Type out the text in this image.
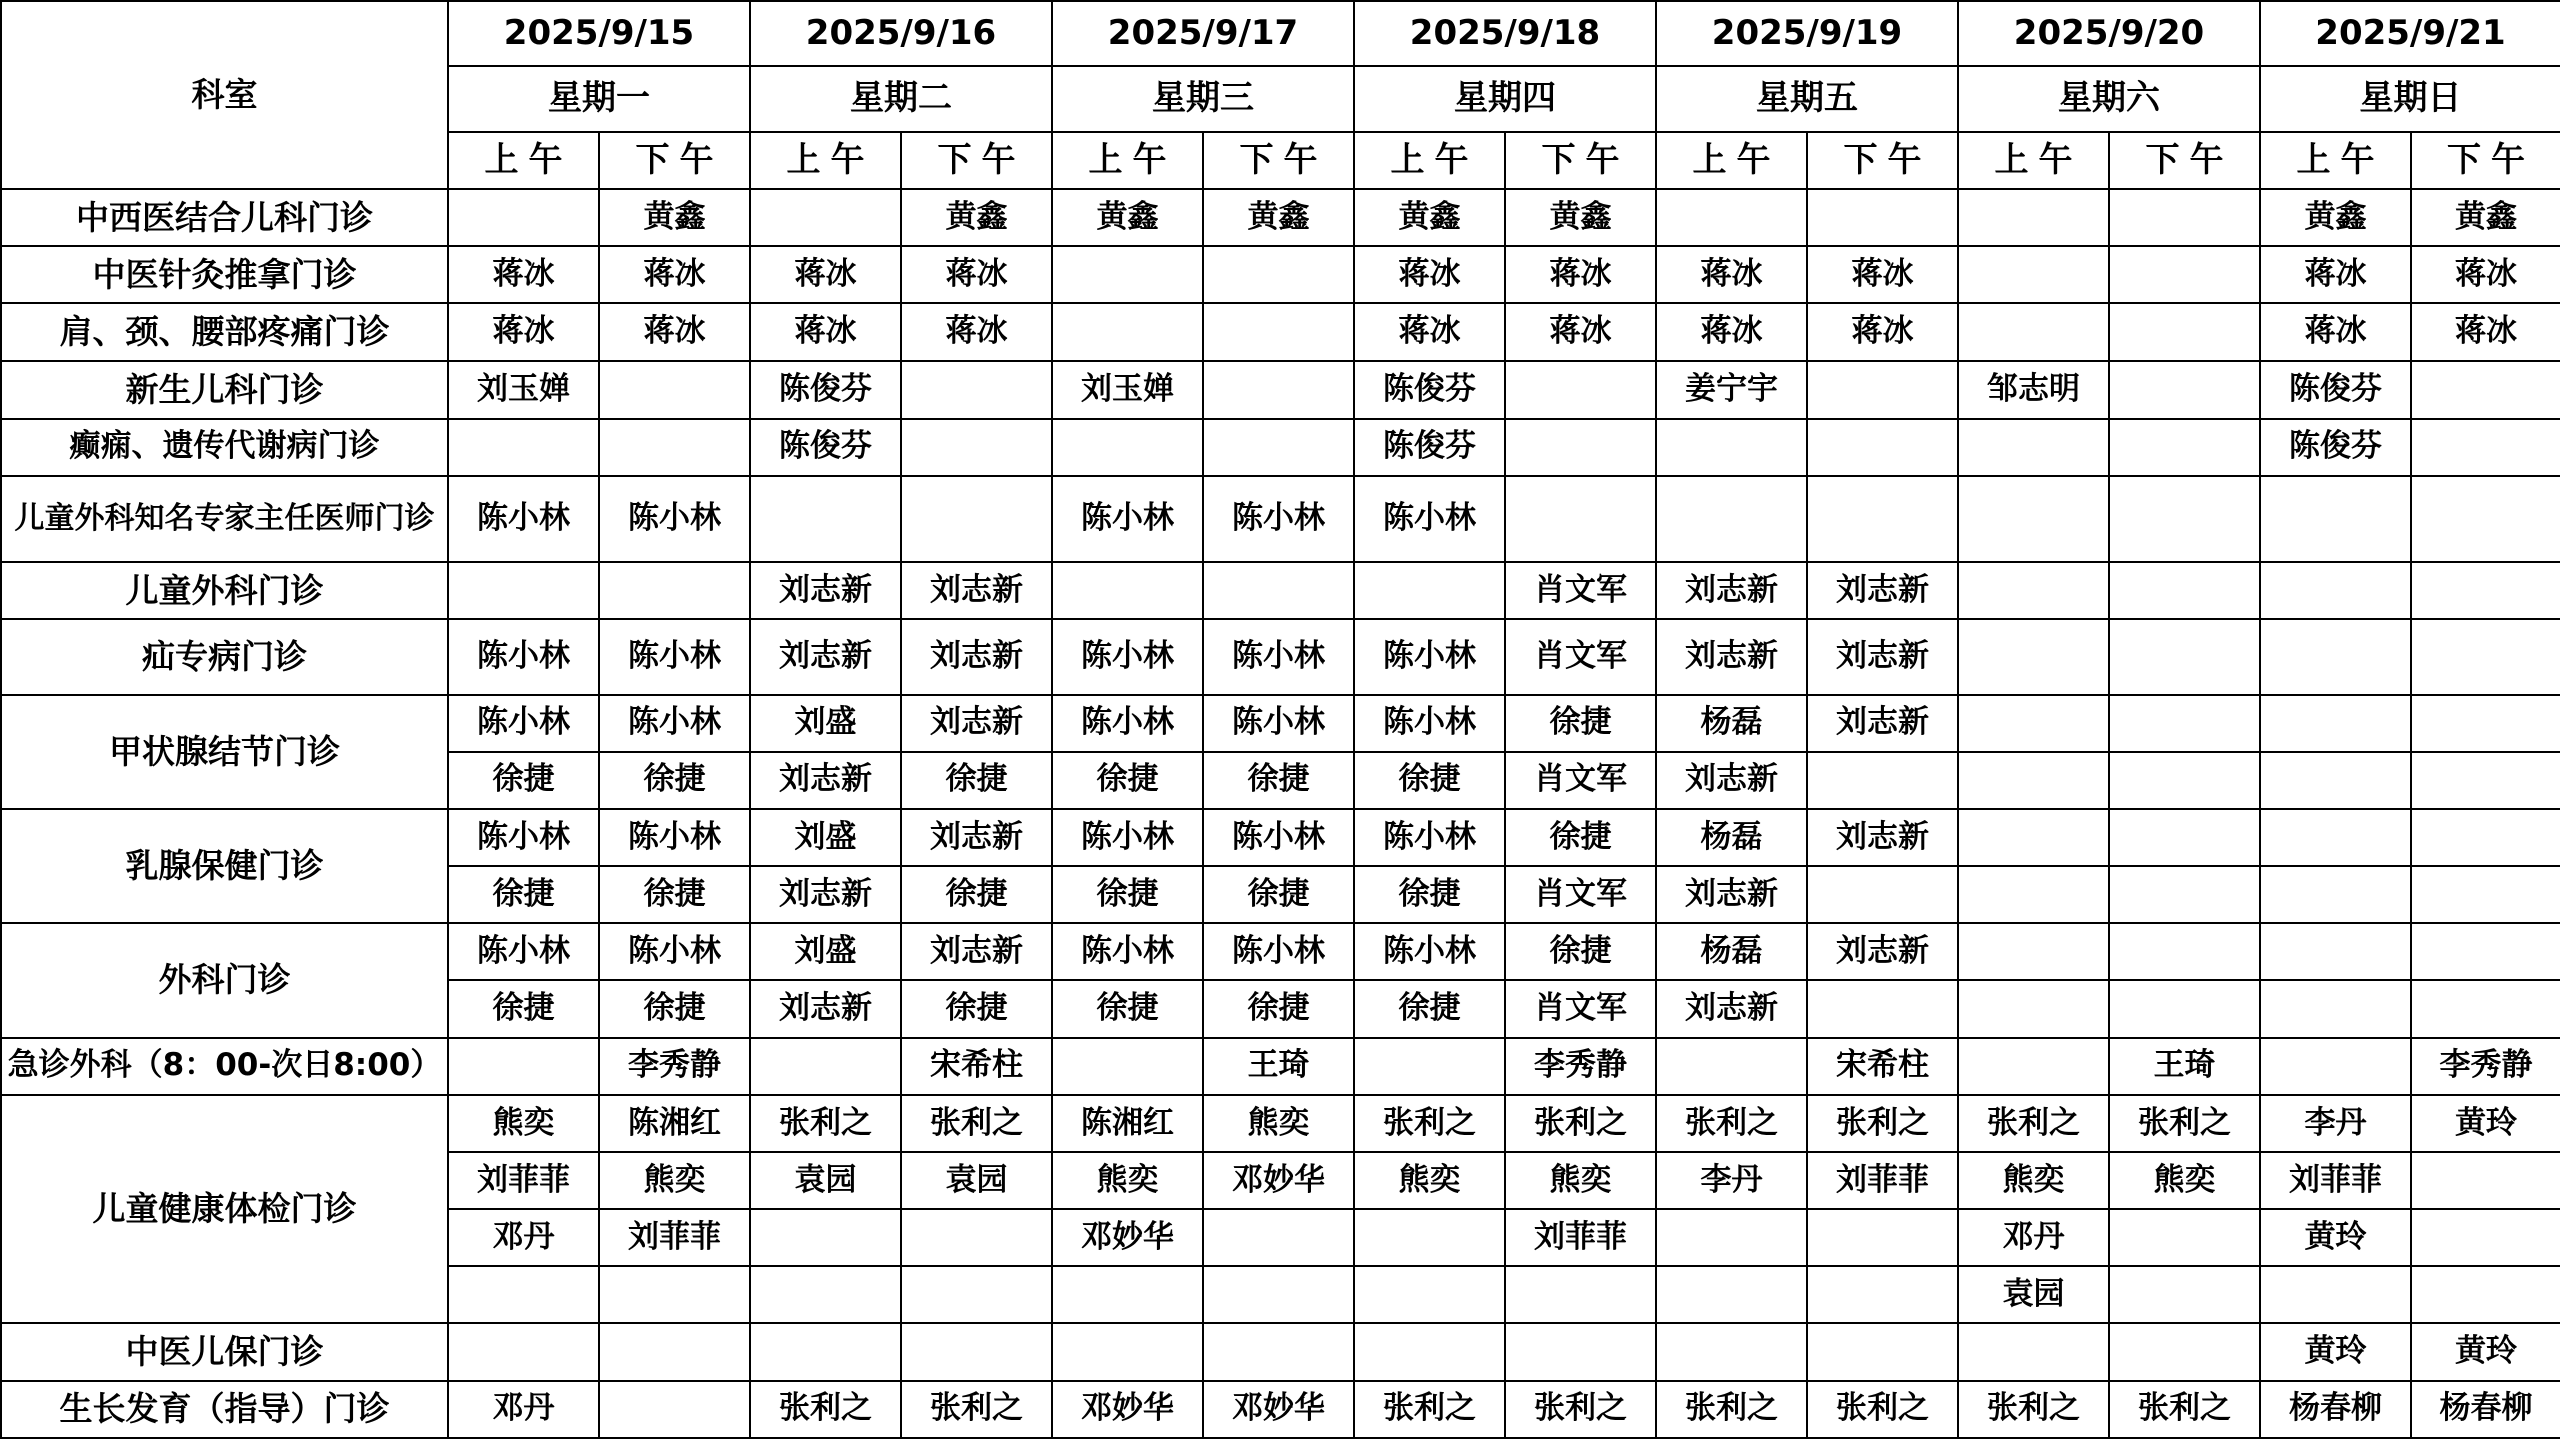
科室	2025/9/15		2025/9/16		2025/9/17		2025/9/18		2025/9/19		2025/9/20		2025/9/21	
	星期一		星期二		星期三		星期四		星期五		星期六		星期日	
	上午	下午	上午	下午	上午	下午	上午	下午	上午	下午	上午	下午	上午	下午
中西医结合儿科门诊		黄鑫		黄鑫	黄鑫	黄鑫	黄鑫	黄鑫					黄鑫	黄鑫
中医针灸推拿门诊	蒋冰	蒋冰	蒋冰	蒋冰			蒋冰	蒋冰	蒋冰	蒋冰			蒋冰	蒋冰
肩、颈、腰部疼痛门诊	蒋冰	蒋冰	蒋冰	蒋冰			蒋冰	蒋冰	蒋冰	蒋冰			蒋冰	蒋冰
新生儿科门诊	刘玉婵		陈俊芬		刘玉婵		陈俊芬		姜宁宇		邹志明		陈俊芬	
癫痫、遗传代谢病门诊			陈俊芬				陈俊芬						陈俊芬	
儿童外科知名专家主任医师门诊	陈小林	陈小林			陈小林	陈小林	陈小林							
儿童外科门诊			刘志新	刘志新				肖文军	刘志新	刘志新				
疝专病门诊	陈小林	陈小林	刘志新	刘志新	陈小林	陈小林	陈小林	肖文军	刘志新	刘志新				
甲状腺结节门诊	陈小林	陈小林	刘盛	刘志新	陈小林	陈小林	陈小林	徐捷	杨磊	刘志新				
	徐捷	徐捷	刘志新	徐捷	徐捷	徐捷	徐捷	肖文军	刘志新					
乳腺保健门诊	陈小林	陈小林	刘盛	刘志新	陈小林	陈小林	陈小林	徐捷	杨磊	刘志新				
	徐捷	徐捷	刘志新	徐捷	徐捷	徐捷	徐捷	肖文军	刘志新					
外科门诊	陈小林	陈小林	刘盛	刘志新	陈小林	陈小林	陈小林	徐捷	杨磊	刘志新				
	徐捷	徐捷	刘志新	徐捷	徐捷	徐捷	徐捷	肖文军	刘志新					
急诊外科（8：00-次日8:00）		李秀静		宋希柱		王琦		李秀静		宋希柱		王琦		李秀静
儿童健康体检门诊	熊奕	陈湘红	张利之	张利之	陈湘红	熊奕	张利之	张利之	张利之	张利之	张利之	张利之	李丹	黄玲
	刘菲菲	熊奕	袁园	袁园	熊奕	邓妙华	熊奕	熊奕	李丹	刘菲菲	熊奕	熊奕	刘菲菲	
	邓丹	刘菲菲			邓妙华			刘菲菲			邓丹		黄玲	
											袁园			
中医儿保门诊													黄玲	黄玲
生长发育（指导）门诊	邓丹		张利之	张利之	邓妙华	邓妙华	张利之	张利之	张利之	张利之	张利之	张利之	杨春柳	杨春柳
